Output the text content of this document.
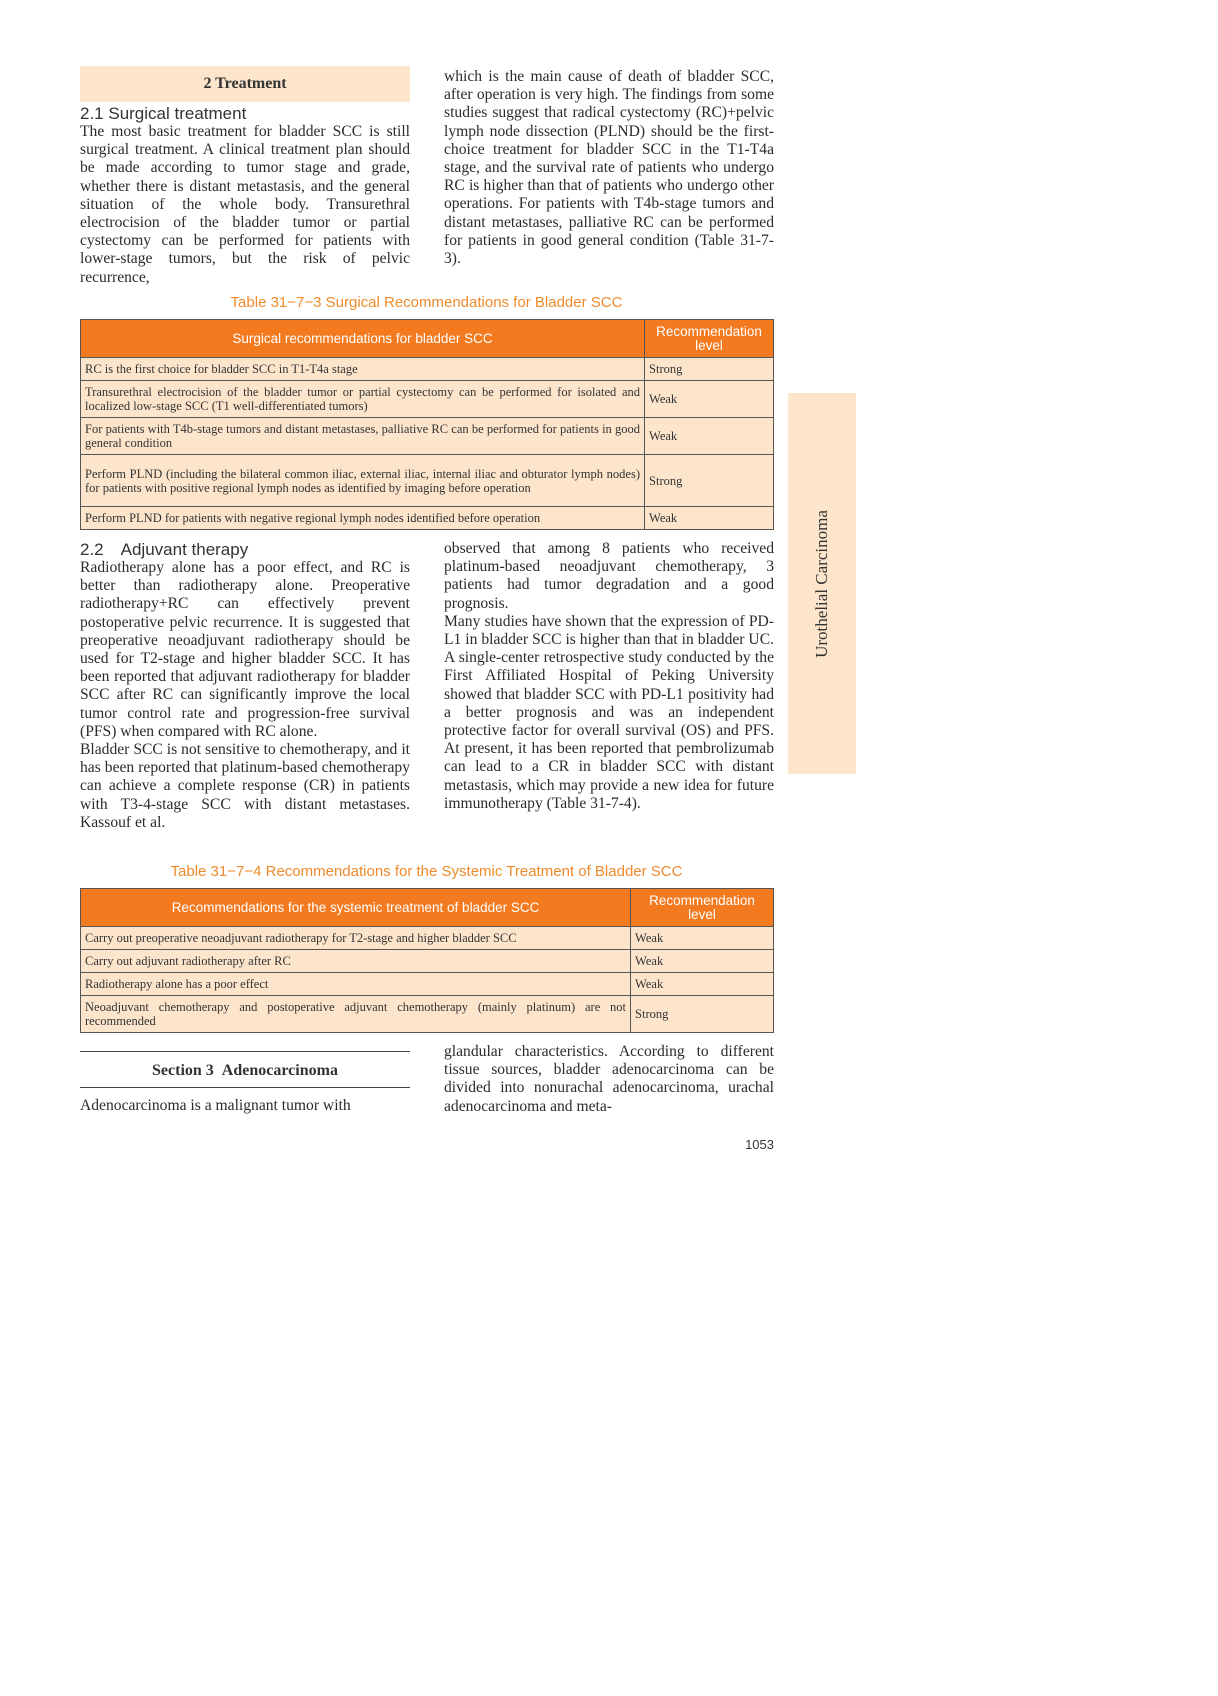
2 Treatment

2.1 Surgical treatment

The most basic treatment for bladder SCC is still surgical treatment. A clinical treatment plan should be made according to tumor stage and grade, whether there is distant metastasis, and the general situation of the whole body. Transurethral electrocision of the bladder tumor or partial cystectomy can be performed for patients with lower-stage tumors, but the risk of pelvic recurrence,

which is the main cause of death of bladder SCC, after operation is very high. The findings from some studies suggest that radical cystectomy (RC)+pelvic lymph node dissection (PLND) should be the first-choice treatment for bladder SCC in the T1-T4a stage, and the survival rate of patients who undergo RC is higher than that of patients who undergo other operations. For patients with T4b-stage tumors and distant metastases, palliative RC can be performed for patients in good general condition (Table 31-7-3).

Table 31−7−3 Surgical Recommendations for Bladder SCC
Surgical recommendations for bladder SCC	Recommendation level
RC is the first choice for bladder SCC in T1-T4a stage	Strong
Transurethral electrocision of the bladder tumor or partial cystectomy can be performed for isolated and localized low-stage SCC (T1 well-differentiated tumors)	Weak
For patients with T4b-stage tumors and distant metastases, palliative RC can be performed for patients in good general condition	Weak
Perform PLND (including the bilateral common iliac, external iliac, internal iliac and obturator lymph nodes) for patients with positive regional lymph nodes as identified by imaging before operation	Strong
Perform PLND for patients with negative regional lymph nodes identified before operation	Weak	Urothelial Carcinoma

2.2 Adjuvant therapy

Radiotherapy alone has a poor effect, and RC is better than radiotherapy alone. Preoperative radiotherapy+RC can effectively prevent postoperative pelvic recurrence. It is suggested that preoperative neoadjuvant radiotherapy should be used for T2-stage and higher bladder SCC. It has been reported that adjuvant radiotherapy for bladder SCC after RC can significantly improve the local tumor control rate and progression-free survival (PFS) when compared with RC alone.

Bladder SCC is not sensitive to chemotherapy, and it has been reported that platinum-based chemotherapy can achieve a complete response (CR) in patients with T3-4-stage SCC with distant metastases. Kassouf et al.

observed that among 8 patients who received platinum-based neoadjuvant chemotherapy, 3 patients had tumor degradation and a good prognosis.

Many studies have shown that the expression of PD-L1 in bladder SCC is higher than that in bladder UC. A single-center retrospective study conducted by the First Affiliated Hospital of Peking University showed that bladder SCC with PD-L1 positivity had a better prognosis and was an independent protective factor for overall survival (OS) and PFS. At present, it has been reported that pembrolizumab can lead to a CR in bladder SCC with distant metastasis, which may provide a new idea for future immunotherapy (Table 31-7-4).

Table 31−7−4 Recommendations for the Systemic Treatment of Bladder SCC
Recommendations for the systemic treatment of bladder SCC	Recommendation level
Carry out preoperative neoadjuvant radiotherapy for T2-stage and higher bladder SCC	Weak
Carry out adjuvant radiotherapy after RC	Weak
Radiotherapy alone has a poor effect	Weak
Neoadjuvant chemotherapy and postoperative adjuvant chemotherapy (mainly platinum) are not recommended	Strong
Section 3 Adenocarcinoma

Adenocarcinoma is a malignant tumor with

glandular characteristics. According to different tissue sources, bladder adenocarcinoma can be divided into nonurachal adenocarcinoma, urachal adenocarcinoma and meta-

1053
